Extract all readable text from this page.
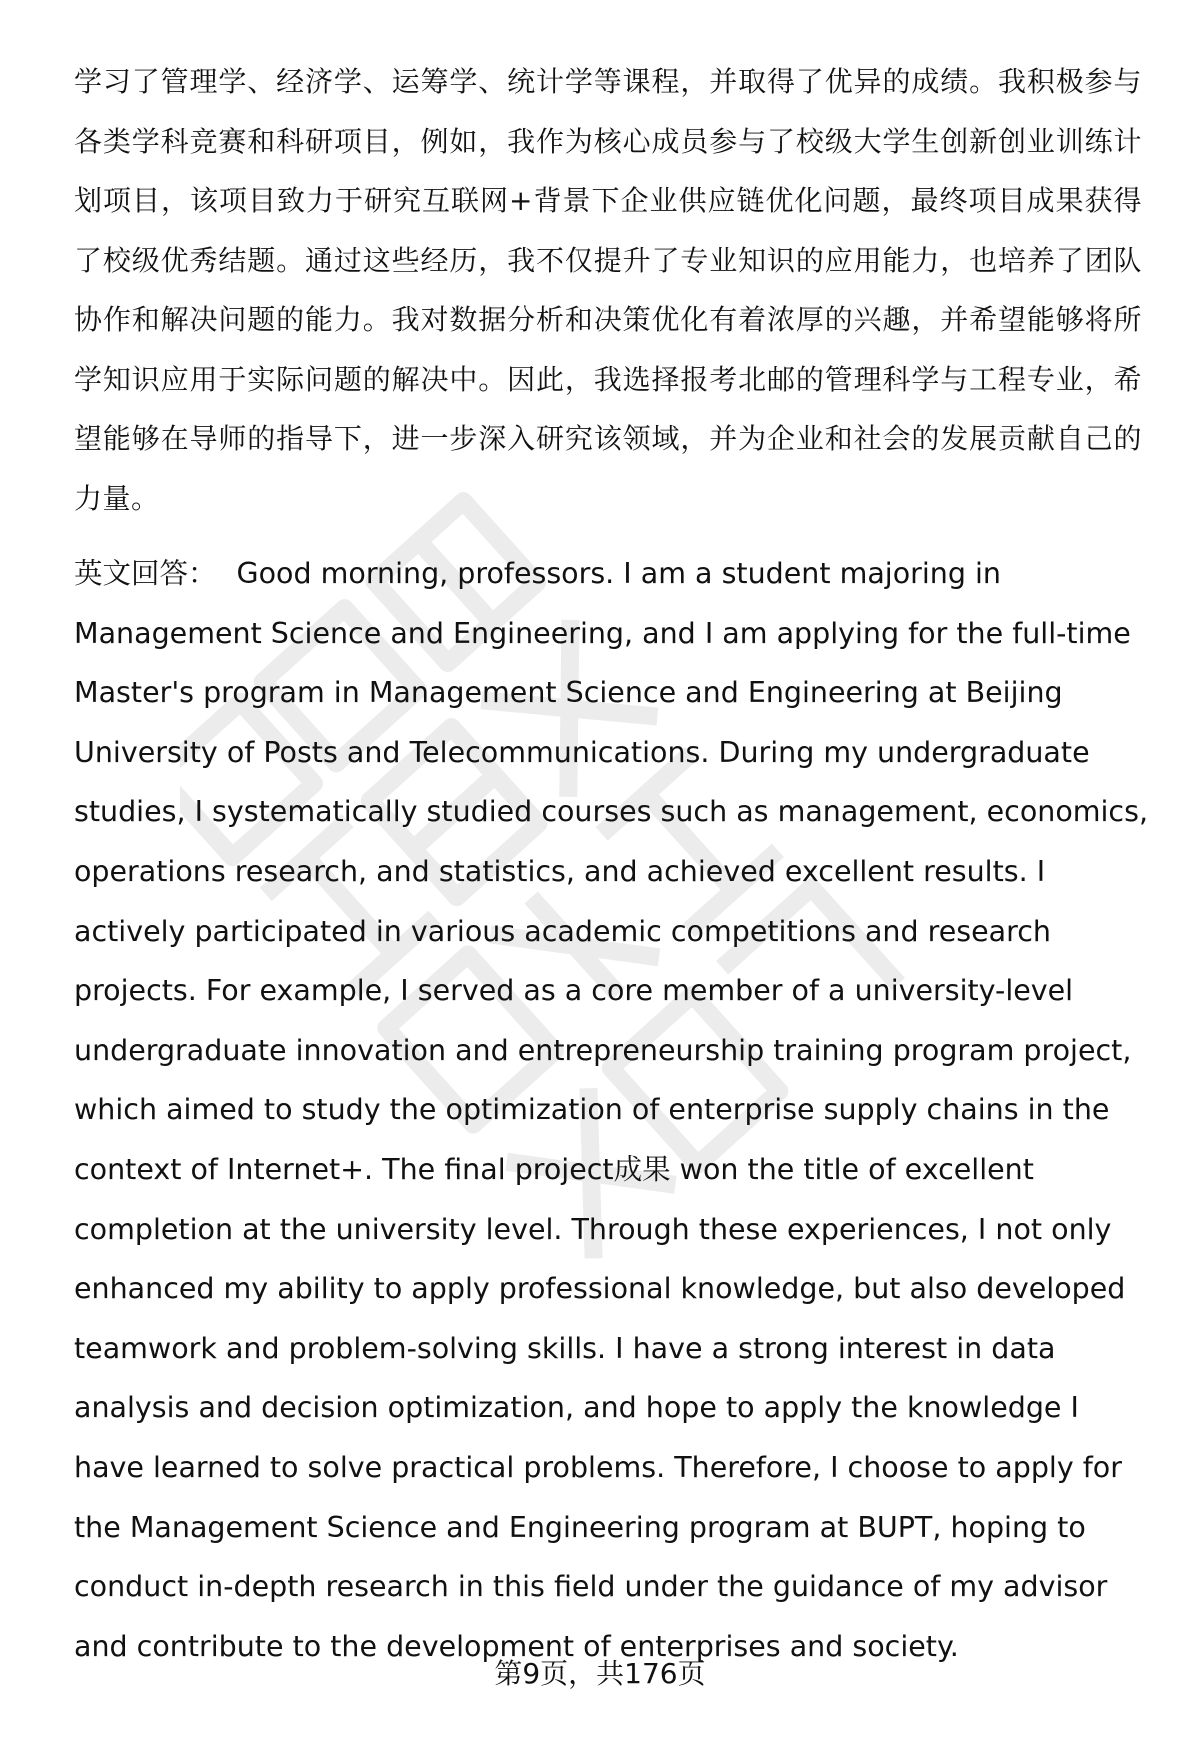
学习了管理学、经济学、运筹学、统计学等课程，并取得了优异的成绩。我积极参与各类学科竞赛和科研项目，例如，我作为核心成员参与了校级大学生创新创业训练计划项目，该项目致力于研究互联网+背景下企业供应链优化问题，最终项目成果获得了校级优秀结题。通过这些经历，我不仅提升了专业知识的应用能力，也培养了团队协作和解决问题的能力。我对数据分析和决策优化有着浓厚的兴趣，并希望能够将所学知识应用于实际问题的解决中。因此，我选择报考北邮的管理科学与工程专业，希望能够在导师的指导下，进一步深入研究该领域，并为企业和社会的发展贡献自己的力量。

英文回答： Good morning, professors. I am a student majoring in Management Science and Engineering, and I am applying for the full-time Master's program in Management Science and Engineering at Beijing University of Posts and Telecommunications. During my undergraduate studies, I systematically studied courses such as management, economics, operations research, and statistics, and achieved excellent results. I actively participated in various academic competitions and research projects. For example, I served as a core member of a university-level undergraduate innovation and entrepreneurship training program project, which aimed to study the optimization of enterprise supply chains in the context of Internet+. The final project成果 won the title of excellent completion at the university level. Through these experiences, I not only enhanced my ability to apply professional knowledge, but also developed teamwork and problem-solving skills. I have a strong interest in data analysis and decision optimization, and hope to apply the knowledge I have learned to solve practical problems. Therefore, I choose to apply for the Management Science and Engineering program at BUPT, hoping to conduct in-depth research in this field under the guidance of my advisor and contribute to the development of enterprises and society.

第9页，共176页
